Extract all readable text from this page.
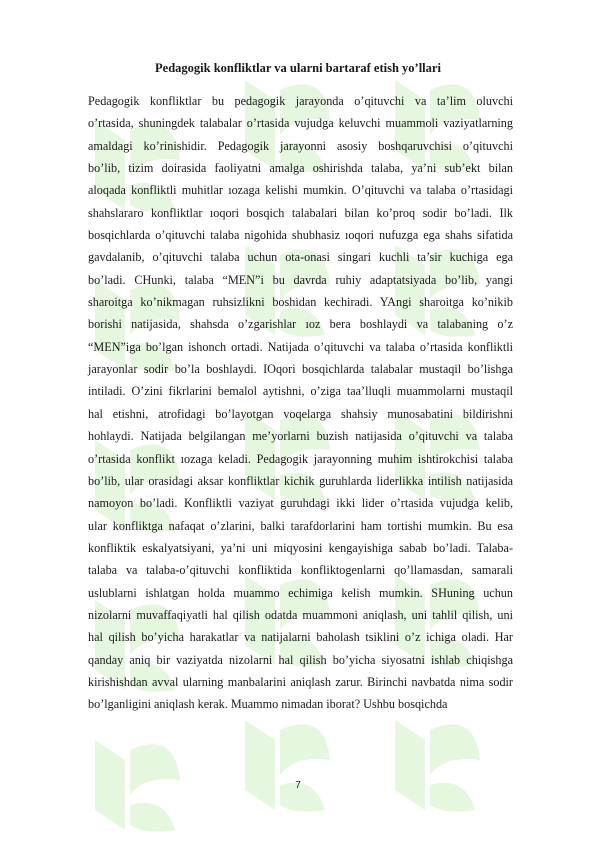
Pedagogik konfliktlar va ularni bartaraf etish yo’llari
Pedagogik konfliktlar bu pedagogik jarayonda o’qituvchi va ta’lim oluvchi
o’rtasida, shuningdek talabalar o’rtasida vujudga keluvchi muammoli vaziyatlarning
amaldagi ko’rinishidir. Pedagogik jarayonni asosiy boshqaruvchisi o’qituvchi
bo’lib, tizim doirasida faoliyatni amalga oshirishda talaba, ya’ni sub’ekt bilan
aloqada konfliktli muhitlar ıozaga kelishi mumkin. O’qituvchi va talaba o’rtasidagi
shahslararo konfliktlar ıoqori bosqich talabalari bilan ko’proq sodir bo’ladi. Ilk
bosqichlarda o’qituvchi talaba nigohida shubhasiz ıoqori nufuzga ega shahs sifatida
gavdalanib, o’qituvchi talaba uchun ota-onasi singari kuchli ta’sir kuchiga ega
bo’ladi. CHunki, talaba “MEN”i bu davrda ruhiy adaptatsiyada bo’lib, yangi
sharoitga ko’nikmagan ruhsizlikni boshidan kechiradi. YAngi sharoitga ko’nikib
borishi natijasida, shahsda o’zgarishlar ıoz bera boshlaydi va talabaning o’z
“MEN”iga bo’lgan ishonch ortadi. Natijada o’qituvchi va talaba o’rtasida konfliktli
jarayonlar sodir bo’la boshlaydi. IOqori bosqichlarda talabalar mustaqil bo’lishga
intiladi. O’zini fikrlarini bemalol aytishni, o’ziga taa’lluqli muammolarni mustaqil
hal etishni, atrofidagi bo’layotgan voqelarga shahsiy munosabatini bildirishni
hohlaydi. Natijada belgilangan me’yorlarni buzish natijasida o’qituvchi va talaba
o’rtasida konflikt ıozaga keladi. Pedagogik jarayonning muhim ishtirokchisi talaba
bo’lib, ular orasidagi aksar konfliktlar kichik guruhlarda liderlikka intilish natijasida
namoyon bo’ladi. Konfliktli vaziyat guruhdagi ikki lider o’rtasida vujudga kelib,
ular konfliktga nafaqat o’zlarini, balki tarafdorlarini ham tortishi mumkin. Bu esa
konfliktik eskalyatsiyani, ya’ni uni miqyosini kengayishiga sabab bo’ladi. Talaba-
talaba va talaba-o’qituvchi konfliktida konfliktogenlarni qo’llamasdan, samarali
uslublarni ishlatgan holda muammo echimiga kelish mumkin. SHuning uchun
nizolarni muvaffaqiyatli hal qilish odatda muammoni aniqlash, uni tahlil qilish, uni
hal qilish bo’yicha harakatlar va natijalarni baholash tsiklini o’z ichiga oladi. Har
qanday aniq bir vaziyatda nizolarni hal qilish bo’yicha siyosatni ishlab chiqishga
kirishishdan avval ularning manbalarini aniqlash zarur. Birinchi navbatda nima sodir
bo’lganligini aniqlash kerak. Muammo nimadan iborat? Ushbu bosqichda
7
